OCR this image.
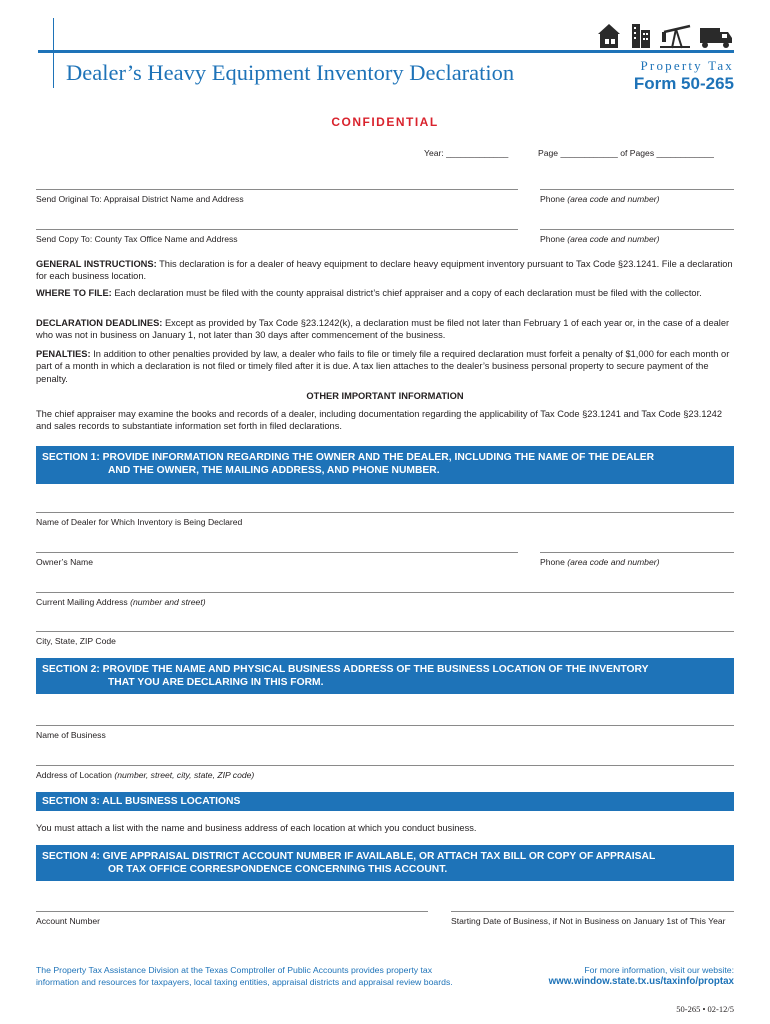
Dealer’s Heavy Equipment Inventory Declaration	Property Tax
Form 50-265
CONFIDENTIAL
Year: _____________	Page ____________ of Pages ____________
Send Original To: Appraisal District Name and Address	Phone (area code and number)
Send Copy To: County Tax Office Name and Address	Phone (area code and number)
GENERAL INSTRUCTIONS: This declaration is for a dealer of heavy equipment to declare heavy equipment inventory pursuant to Tax Code §23.1241. File a declaration for each business location.
WHERE TO FILE: Each declaration must be filed with the county appraisal district’s chief appraiser and a copy of each declaration must be filed with the collector.
DECLARATION DEADLINES: Except as provided by Tax Code §23.1242(k), a declaration must be filed not later than February 1 of each year or, in the case of a dealer who was not in business on January 1, not later than 30 days after commencement of the business.
PENALTIES: In addition to other penalties provided by law, a dealer who fails to file or timely file a required declaration must forfeit a penalty of $1,000 for each month or part of a month in which a declaration is not filed or timely filed after it is due. A tax lien attaches to the dealer’s business personal property to secure payment of the penalty.
OTHER IMPORTANT INFORMATION
The chief appraiser may examine the books and records of a dealer, including documentation regarding the applicability of Tax Code §23.1241 and Tax Code §23.1242 and sales records to substantiate information set forth in filed declarations.
SECTION 1: PROVIDE INFORMATION REGARDING THE OWNER AND THE DEALER, INCLUDING THE NAME OF THE DEALER
AND THE OWNER, THE MAILING ADDRESS, AND PHONE NUMBER.
Name of Dealer for Which Inventory is Being Declared
Owner’s Name	Phone (area code and number)
Current Mailing Address (number and street)
City, State, ZIP Code
SECTION 2: PROVIDE THE NAME AND PHYSICAL BUSINESS ADDRESS OF THE BUSINESS LOCATION OF THE INVENTORY
THAT YOU ARE DECLARING IN THIS FORM.
Name of Business
Address of Location (number, street, city, state, ZIP code)
SECTION 3: ALL BUSINESS LOCATIONS
You must attach a list with the name and business address of each location at which you conduct business.
SECTION 4: GIVE APPRAISAL DISTRICT ACCOUNT NUMBER IF AVAILABLE, OR ATTACH TAX BILL OR COPY OF APPRAISAL
OR TAX OFFICE CORRESPONDENCE CONCERNING THIS ACCOUNT.
Account Number	Starting Date of Business, if Not in Business on January 1st of This Year
The Property Tax Assistance Division at the Texas Comptroller of Public Accounts provides property tax
information and resources for taxpayers, local taxing entities, appraisal districts and appraisal review boards.
For more information, visit our website:
www.window.state.tx.us/taxinfo/proptax
50-265 • 02-12/5
